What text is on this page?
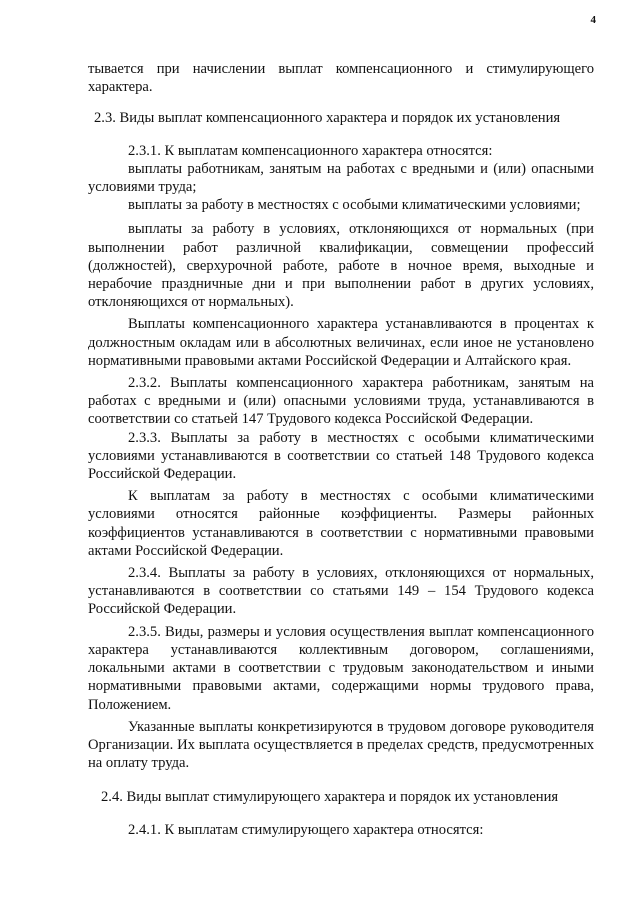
4

тывается при начислении выплат компенсационного и стимулирующего характера.

2.3. Виды выплат компенсационного характера и порядок их установления

2.3.1. К выплатам компенсационного характера относятся:

выплаты работникам, занятым на работах с вредными и (или) опасными условиями труда;

выплаты за работу в местностях с особыми климатическими условиями;

выплаты за работу в условиях, отклоняющихся от нормальных (при выполнении работ различной квалификации, совмещении профессий (должностей), сверхурочной работе, работе в ночное время, выходные и нерабочие праздничные дни и при выполнении работ в других условиях, отклоняющихся от нормальных).

Выплаты компенсационного характера устанавливаются в процентах к должностным окладам или в абсолютных величинах, если иное не установлено нормативными правовыми актами Российской Федерации и Алтайского края.

2.3.2. Выплаты компенсационного характера работникам, занятым на работах с вредными и (или) опасными условиями труда, устанавливаются в соответствии со статьей 147 Трудового кодекса Российской Федерации.

2.3.3. Выплаты за работу в местностях с особыми климатическими условиями устанавливаются в соответствии со статьей 148 Трудового кодекса Российской Федерации.

К выплатам за работу в местностях с особыми климатическими условиями относятся районные коэффициенты. Размеры районных коэффициентов устанавливаются в соответствии с нормативными правовыми актами Российской Федерации.

2.3.4. Выплаты за работу в условиях, отклоняющихся от нормальных, устанавливаются в соответствии со статьями 149 – 154 Трудового кодекса Российской Федерации.

2.3.5. Виды, размеры и условия осуществления выплат компенсационного характера устанавливаются коллективным договором, соглашениями, локальными актами в соответствии с трудовым законодательством и иными нормативными правовыми актами, содержащими нормы трудового права, Положением.

Указанные выплаты конкретизируются в трудовом договоре руководителя Организации. Их выплата осуществляется в пределах средств, предусмотренных на оплату труда.

2.4. Виды выплат стимулирующего характера и порядок их установления

2.4.1. К выплатам стимулирующего характера относятся:
